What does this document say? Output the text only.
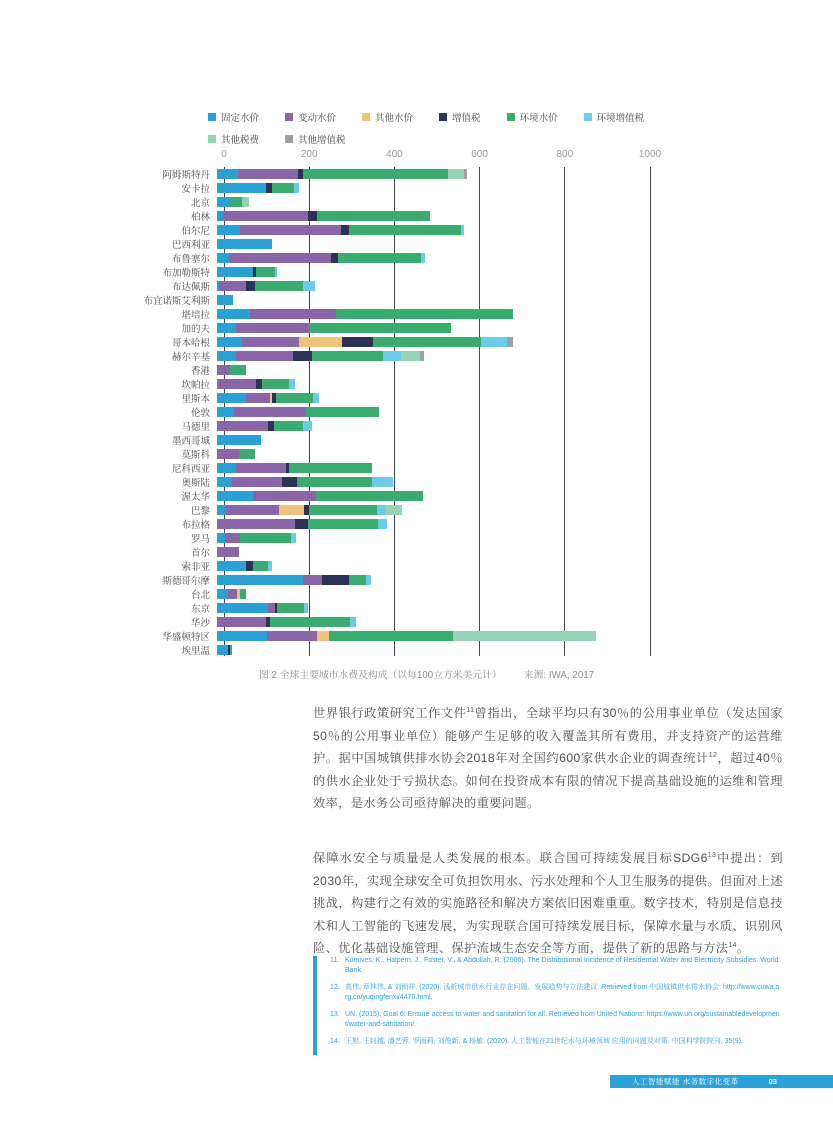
固定水价	变动水价	其他水价	增值税	环境水价	环境增值税
其他税费	其他增值税
0	200	400	600	800	1000
阿姆斯特丹
安卡拉
北京
柏林
伯尔尼
巴西利亚
布鲁塞尔
布加勒斯特
布达佩斯
布宜诺斯艾利斯
堪培拉
加的夫
哥本哈根
赫尔辛基
香港
坎帕拉
里斯本
伦敦
马德里
墨西哥城
莫斯科
尼科西亚
奥斯陆
渥太华
巴黎
布拉格
罗马
首尔
索非亚
斯德哥尔摩
台北
东京
华沙
华盛顿特区
埃里温
图 2 全球主要城市水费及构成（以每100立方米美元计） 来源: IWA, 2017

世界银行政策研究工作文件$^{11}$曾指出，全球平均只有30％的公用事业单位（发达国家50％的公用事业单位）能够产生足够的收入覆盖其所有费用，并支持资产的运营维护。据中国城镇供排水协会2018年对全国约600家供水企业的调查统计$^{12}$，超过40％的供水企业处于亏损状态。如何在投资成本有限的情况下提高基础设施的运维和管理效率，是水务公司亟待解决的重要问题。

保障水安全与质量是人类发展的根本。联合国可持续发展目标$SDG6^{13}$中提出：到2030年，实现全球安全可负担饮用水、污水处理和个人卫生服务的提供。但面对上述挑战，构建行之有效的实施路径和解决方案依旧困难重重。数字技术，特别是信息技术和人工智能的飞速发展，为实现联合国可持续发展目标，保障水量与水质、识别风险、优化基础设施管理、保护流域生态安全等方面，提供了新的思路与方法$^{14}$。

11. Komives, K., Halpern, J., Foster, V., & Abdullah, R. (2006). The Distributional Incidence of Residential Water and Electricity Subsidies. World Bank.
12. 高伟, 章林伟, & 刘锁祥. (2020). 浅析城市供水行业存在问题、发展趋势与立法建议. Retrieved from 中国城镇供水排水协会: http://www.cuwa.org.cn/yuqingfenxi/4470.html.
13. UN. (2015). Goal 6: Ensure access to water and sanitation for all. Retrieved from United Nations: https://www.un.org/sustainabledevelopment/water-and-sanitation/.
14. 王旭, 王钊越, 潘艺蓉, 罗雨莉, 刘俊新, & 杨敏. (2020). 人工智能在21世纪水与环境领域 应用的问题及对策. 中国科学院院刊, 35(9).
人工智能赋能 水务数字化变革	03
